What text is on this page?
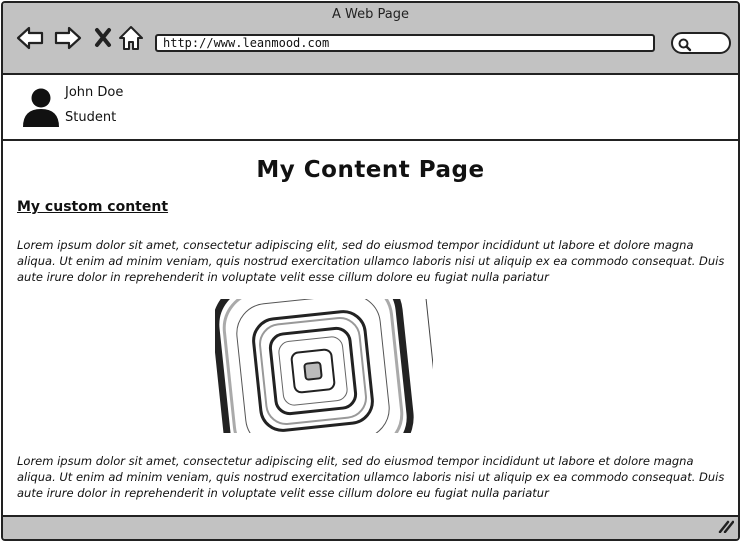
A Web Page
http://www.leanmood.com
John Doe
Student
My Content Page
My custom content
Lorem ipsum dolor sit amet, consectetur adipiscing elit, sed do eiusmod tempor incididunt ut labore et dolore magna aliqua. Ut enim ad minim veniam, quis nostrud exercitation ullamco laboris nisi ut aliquip ex ea commodo consequat. Duis aute irure dolor in reprehenderit in voluptate velit esse cillum dolore eu fugiat nulla pariatur
Lorem ipsum dolor sit amet, consectetur adipiscing elit, sed do eiusmod tempor incididunt ut labore et dolore magna aliqua. Ut enim ad minim veniam, quis nostrud exercitation ullamco laboris nisi ut aliquip ex ea commodo consequat. Duis aute irure dolor in reprehenderit in voluptate velit esse cillum dolore eu fugiat nulla pariatur
